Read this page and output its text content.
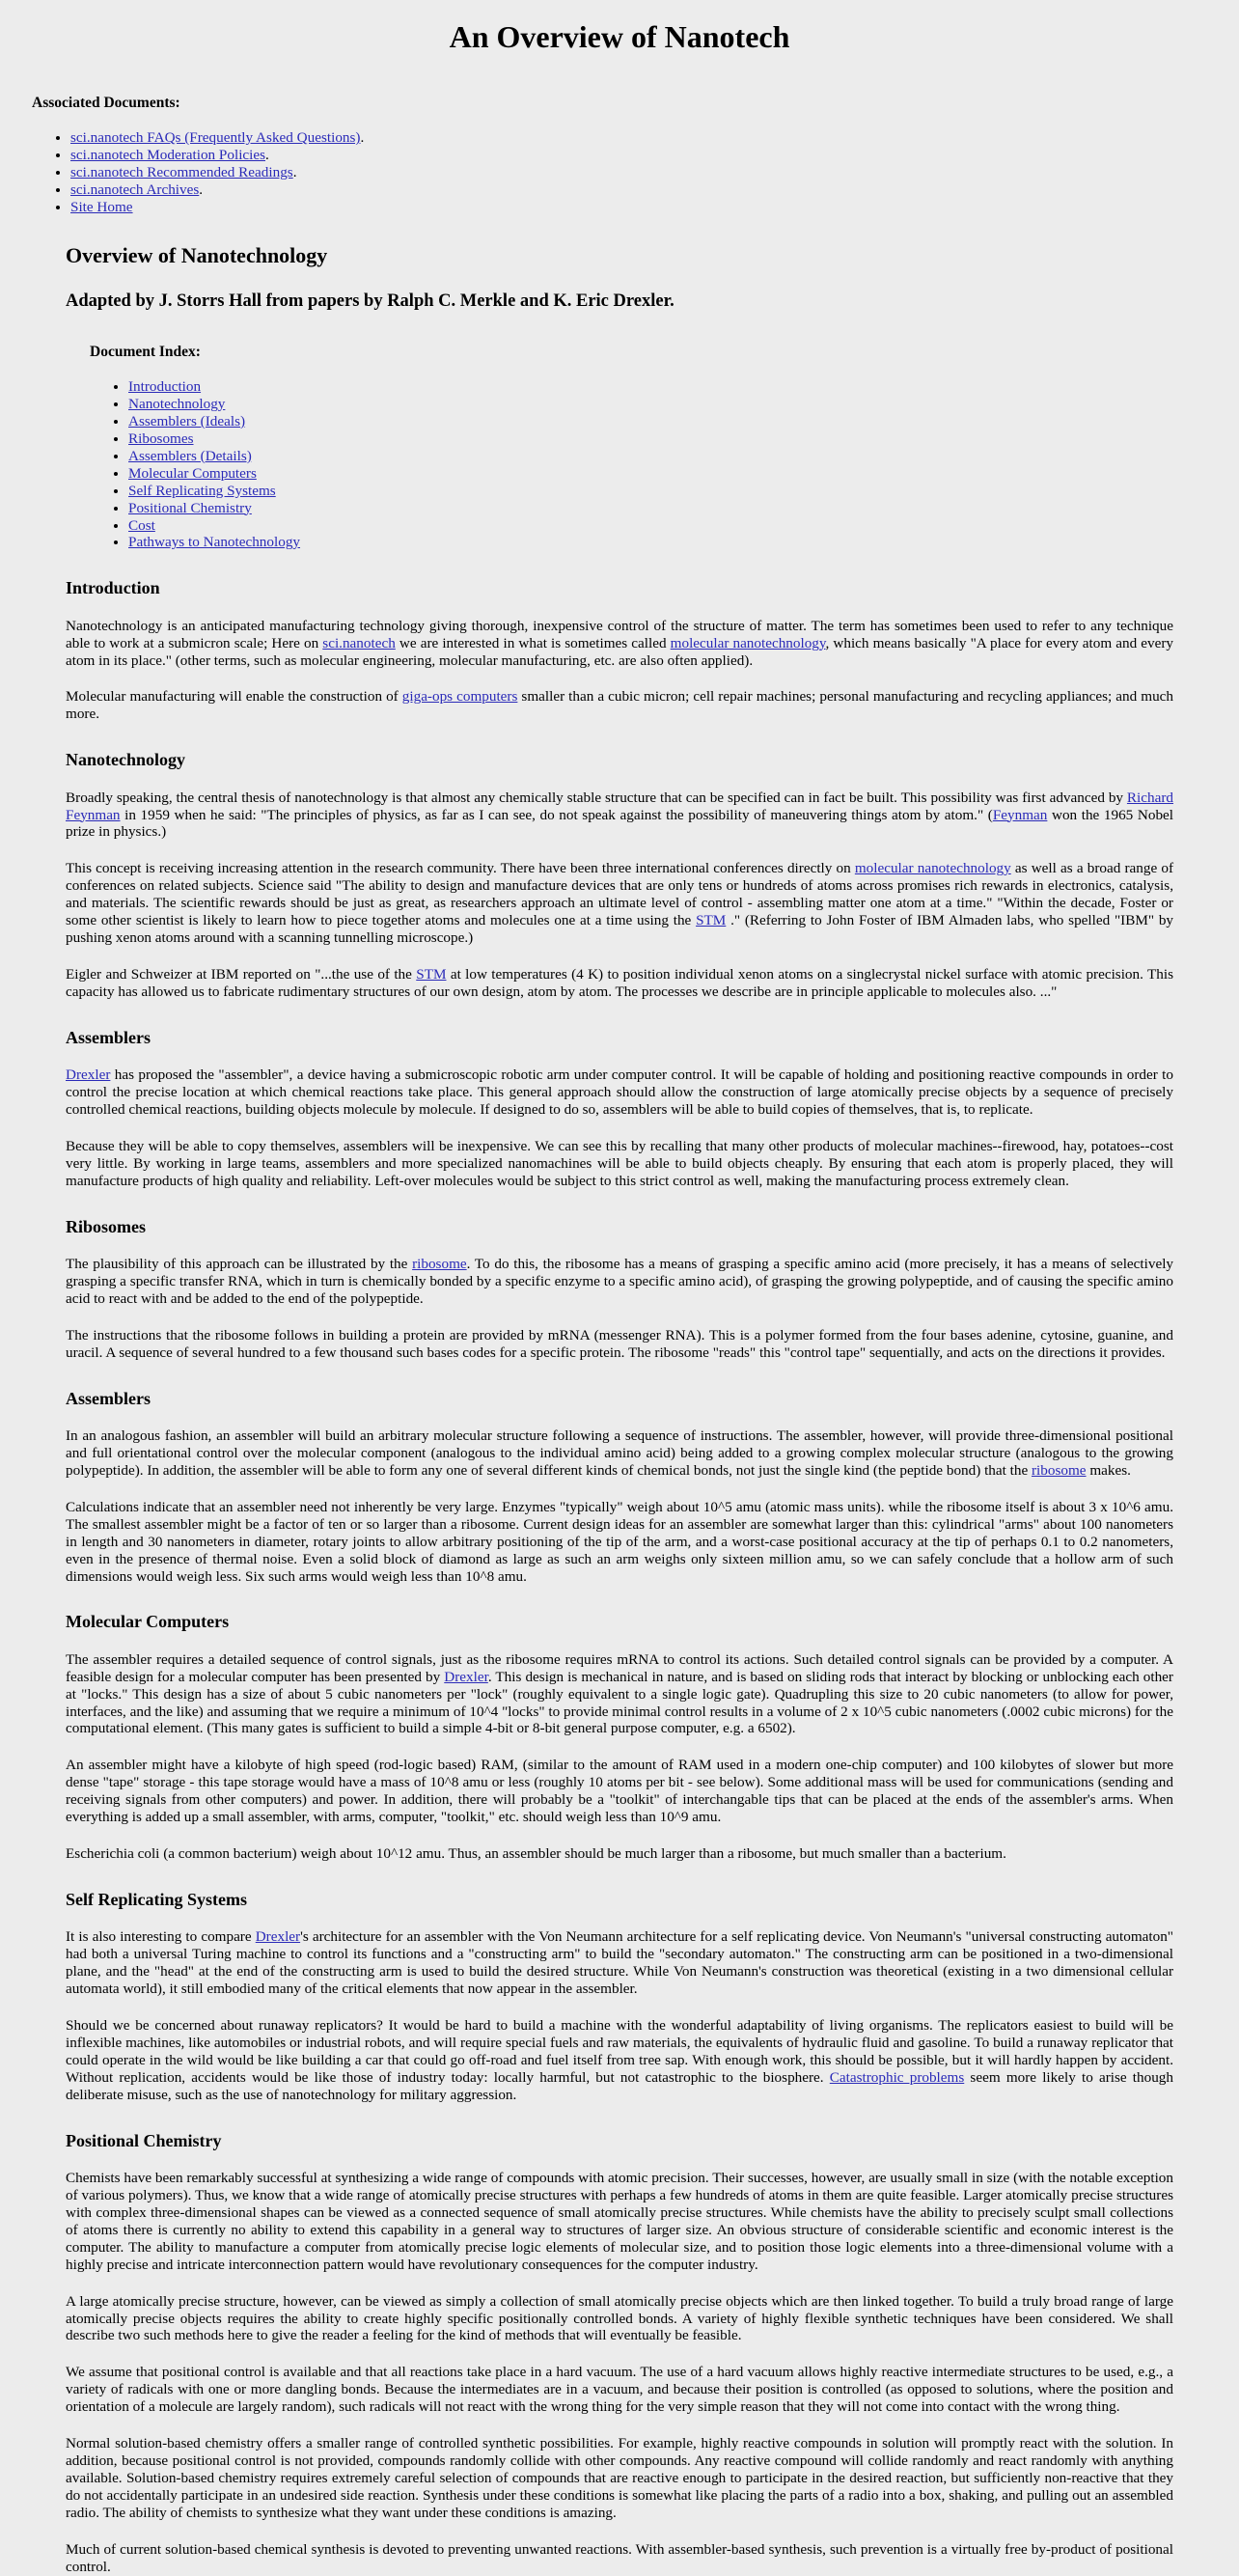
An Overview of Nanotech
Associated Documents:
• sci.nanotech FAQs (Frequently Asked Questions).
• sci.nanotech Moderation Policies.
• sci.nanotech Recommended Readings.
• sci.nanotech Archives.
• Site Home
Overview of Nanotechnology
Adapted by J. Storrs Hall from papers by Ralph C. Merkle and K. Eric Drexler.
Document Index:
• Introduction
• Nanotechnology
• Assemblers (Ideals)
• Ribosomes
• Assemblers (Details)
• Molecular Computers
• Self Replicating Systems
• Positional Chemistry
• Cost
• Pathways to Nanotechnology
Introduction

Nanotechnology is an anticipated manufacturing technology giving thorough, inexpensive control of the structure of matter. The term has sometimes been used to refer to any technique able to work at a submicron scale; Here on sci.nanotech we are interested in what is sometimes called molecular nanotechnology, which means basically "A place for every atom and every atom in its place." (other terms, such as molecular engineering, molecular manufacturing, etc. are also often applied).

Molecular manufacturing will enable the construction of giga-ops computers smaller than a cubic micron; cell repair machines; personal manufacturing and recycling appliances; and much more.

Nanotechnology

Broadly speaking, the central thesis of nanotechnology is that almost any chemically stable structure that can be specified can in fact be built. This possibility was first advanced by Richard Feynman in 1959 when he said: "The principles of physics, as far as I can see, do not speak against the possibility of maneuvering things atom by atom." (Feynman won the 1965 Nobel prize in physics.)

This concept is receiving increasing attention in the research community. There have been three international conferences directly on molecular nanotechnology as well as a broad range of conferences on related subjects. Science said "The ability to design and manufacture devices that are only tens or hundreds of atoms across promises rich rewards in electronics, catalysis, and materials. The scientific rewards should be just as great, as researchers approach an ultimate level of control - assembling matter one atom at a time." "Within the decade, Foster or some other scientist is likely to learn how to piece together atoms and molecules one at a time using the STM ." (Referring to John Foster of IBM Almaden labs, who spelled "IBM" by pushing xenon atoms around with a scanning tunnelling microscope.)

Eigler and Schweizer at IBM reported on "...the use of the STM at low temperatures (4 K) to position individual xenon atoms on a singlecrystal nickel surface with atomic precision. This capacity has allowed us to fabricate rudimentary structures of our own design, atom by atom. The processes we describe are in principle applicable to molecules also. ..."

Assemblers

Drexler has proposed the "assembler", a device having a submicroscopic robotic arm under computer control. It will be capable of holding and positioning reactive compounds in order to control the precise location at which chemical reactions take place. This general approach should allow the construction of large atomically precise objects by a sequence of precisely controlled chemical reactions, building objects molecule by molecule. If designed to do so, assemblers will be able to build copies of themselves, that is, to replicate.

Because they will be able to copy themselves, assemblers will be inexpensive. We can see this by recalling that many other products of molecular machines--firewood, hay, potatoes--cost very little. By working in large teams, assemblers and more specialized nanomachines will be able to build objects cheaply. By ensuring that each atom is properly placed, they will manufacture products of high quality and reliability. Left-over molecules would be subject to this strict control as well, making the manufacturing process extremely clean.

Ribosomes

The plausibility of this approach can be illustrated by the ribosome. To do this, the ribosome has a means of grasping a specific amino acid (more precisely, it has a means of selectively grasping a specific transfer RNA, which in turn is chemically bonded by a specific enzyme to a specific amino acid), of grasping the growing polypeptide, and of causing the specific amino acid to react with and be added to the end of the polypeptide.

The instructions that the ribosome follows in building a protein are provided by mRNA (messenger RNA). This is a polymer formed from the four bases adenine, cytosine, guanine, and uracil. A sequence of several hundred to a few thousand such bases codes for a specific protein. The ribosome "reads" this "control tape" sequentially, and acts on the directions it provides.

Assemblers

In an analogous fashion, an assembler will build an arbitrary molecular structure following a sequence of instructions. The assembler, however, will provide three-dimensional positional and full orientational control over the molecular component (analogous to the individual amino acid) being added to a growing complex molecular structure (analogous to the growing polypeptide). In addition, the assembler will be able to form any one of several different kinds of chemical bonds, not just the single kind (the peptide bond) that the ribosome makes.

Calculations indicate that an assembler need not inherently be very large. Enzymes "typically" weigh about 10^5 amu (atomic mass units). while the ribosome itself is about 3 x 10^6 amu. The smallest assembler might be a factor of ten or so larger than a ribosome. Current design ideas for an assembler are somewhat larger than this: cylindrical "arms" about 100 nanometers in length and 30 nanometers in diameter, rotary joints to allow arbitrary positioning of the tip of the arm, and a worst-case positional accuracy at the tip of perhaps 0.1 to 0.2 nanometers, even in the presence of thermal noise. Even a solid block of diamond as large as such an arm weighs only sixteen million amu, so we can safely conclude that a hollow arm of such dimensions would weigh less. Six such arms would weigh less than 10^8 amu.

Molecular Computers

The assembler requires a detailed sequence of control signals, just as the ribosome requires mRNA to control its actions. Such detailed control signals can be provided by a computer. A feasible design for a molecular computer has been presented by Drexler. This design is mechanical in nature, and is based on sliding rods that interact by blocking or unblocking each other at "locks." This design has a size of about 5 cubic nanometers per "lock" (roughly equivalent to a single logic gate). Quadrupling this size to 20 cubic nanometers (to allow for power, interfaces, and the like) and assuming that we require a minimum of 10^4 "locks" to provide minimal control results in a volume of 2 x 10^5 cubic nanometers (.0002 cubic microns) for the computational element. (This many gates is sufficient to build a simple 4-bit or 8-bit general purpose computer, e.g. a 6502).

An assembler might have a kilobyte of high speed (rod-logic based) RAM, (similar to the amount of RAM used in a modern one-chip computer) and 100 kilobytes of slower but more dense "tape" storage - this tape storage would have a mass of 10^8 amu or less (roughly 10 atoms per bit - see below). Some additional mass will be used for communications (sending and receiving signals from other computers) and power. In addition, there will probably be a "toolkit" of interchangable tips that can be placed at the ends of the assembler's arms. When everything is added up a small assembler, with arms, computer, "toolkit," etc. should weigh less than 10^9 amu.

Escherichia coli (a common bacterium) weigh about 10^12 amu. Thus, an assembler should be much larger than a ribosome, but much smaller than a bacterium.

Self Replicating Systems

It is also interesting to compare Drexler's architecture for an assembler with the Von Neumann architecture for a self replicating device. Von Neumann's "universal constructing automaton" had both a universal Turing machine to control its functions and a "constructing arm" to build the "secondary automaton." The constructing arm can be positioned in a two-dimensional plane, and the "head" at the end of the constructing arm is used to build the desired structure. While Von Neumann's construction was theoretical (existing in a two dimensional cellular automata world), it still embodied many of the critical elements that now appear in the assembler.

Should we be concerned about runaway replicators? It would be hard to build a machine with the wonderful adaptability of living organisms. The replicators easiest to build will be inflexible machines, like automobiles or industrial robots, and will require special fuels and raw materials, the equivalents of hydraulic fluid and gasoline. To build a runaway replicator that could operate in the wild would be like building a car that could go off-road and fuel itself from tree sap. With enough work, this should be possible, but it will hardly happen by accident. Without replication, accidents would be like those of industry today: locally harmful, but not catastrophic to the biosphere. Catastrophic problems seem more likely to arise though deliberate misuse, such as the use of nanotechnology for military aggression.

Positional Chemistry

Chemists have been remarkably successful at synthesizing a wide range of compounds with atomic precision. Their successes, however, are usually small in size (with the notable exception of various polymers). Thus, we know that a wide range of atomically precise structures with perhaps a few hundreds of atoms in them are quite feasible. Larger atomically precise structures with complex three-dimensional shapes can be viewed as a connected sequence of small atomically precise structures. While chemists have the ability to precisely sculpt small collections of atoms there is currently no ability to extend this capability in a general way to structures of larger size. An obvious structure of considerable scientific and economic interest is the computer. The ability to manufacture a computer from atomically precise logic elements of molecular size, and to position those logic elements into a three-dimensional volume with a highly precise and intricate interconnection pattern would have revolutionary consequences for the computer industry.

A large atomically precise structure, however, can be viewed as simply a collection of small atomically precise objects which are then linked together. To build a truly broad range of large atomically precise objects requires the ability to create highly specific positionally controlled bonds. A variety of highly flexible synthetic techniques have been considered. We shall describe two such methods here to give the reader a feeling for the kind of methods that will eventually be feasible.

We assume that positional control is available and that all reactions take place in a hard vacuum. The use of a hard vacuum allows highly reactive intermediate structures to be used, e.g., a variety of radicals with one or more dangling bonds. Because the intermediates are in a vacuum, and because their position is controlled (as opposed to solutions, where the position and orientation of a molecule are largely random), such radicals will not react with the wrong thing for the very simple reason that they will not come into contact with the wrong thing.

Normal solution-based chemistry offers a smaller range of controlled synthetic possibilities. For example, highly reactive compounds in solution will promptly react with the solution. In addition, because positional control is not provided, compounds randomly collide with other compounds. Any reactive compound will collide randomly and react randomly with anything available. Solution-based chemistry requires extremely careful selection of compounds that are reactive enough to participate in the desired reaction, but sufficiently non-reactive that they do not accidentally participate in an undesired side reaction. Synthesis under these conditions is somewhat like placing the parts of a radio into a box, shaking, and pulling out an assembled radio. The ability of chemists to synthesize what they want under these conditions is amazing.

Much of current solution-based chemical synthesis is devoted to preventing unwanted reactions. With assembler-based synthesis, such prevention is a virtually free by-product of positional control.
